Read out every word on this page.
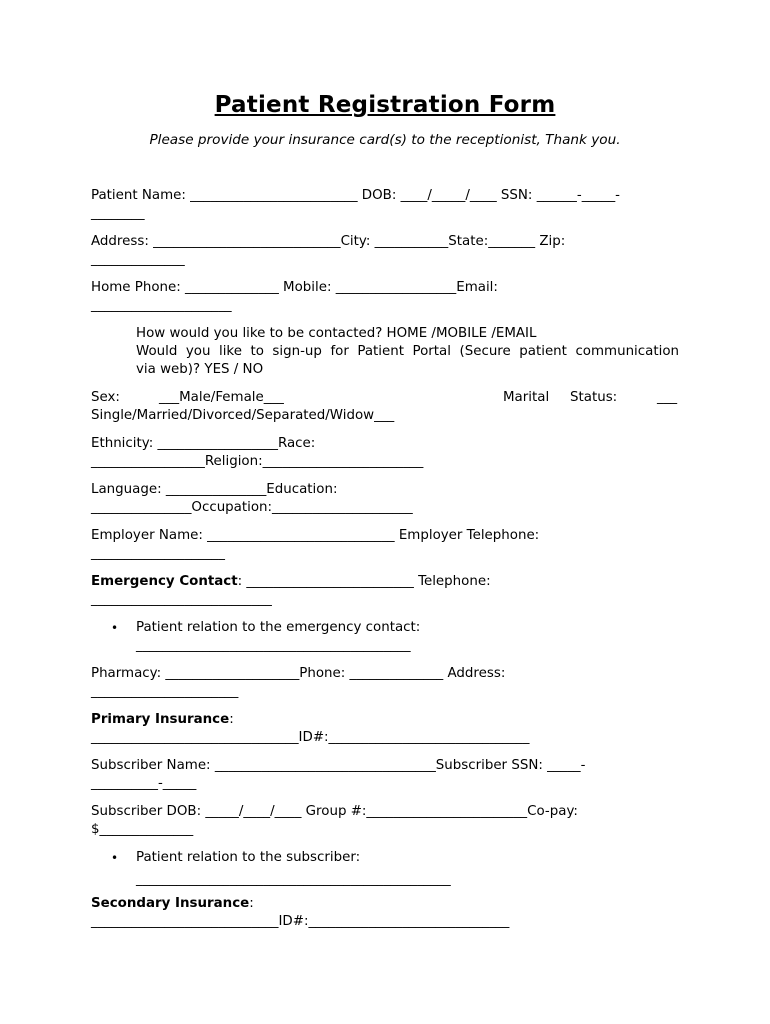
Patient Registration Form
Please provide your insurance card(s) to the receptionist, Thank you.
Patient Name: _________________________ DOB: ____/_____/____ SSN: ______-_____-
________
Address: ____________________________City: ___________State:_______ Zip:
______________
Home Phone: ______________ Mobile: __________________Email:
_____________________
How would you like to be contacted? HOME /MOBILE /EMAIL
Would you like to sign-up for Patient Portal (Secure patient communication
via web)? YES / NO
Sex:	___Male/Female___	Marital Status:	___
Single/Married/Divorced/Separated/Widow___
Ethnicity: __________________Race:
_________________Religion:________________________
Language: _______________Education:
_______________Occupation:_____________________
Employer Name: ____________________________ Employer Telephone:
____________________
Emergency Contact: _________________________ Telephone:
___________________________
• Patient relation to the emergency contact:
_________________________________________
Pharmacy: ____________________Phone: ______________ Address:
______________________
Primary Insurance:
_______________________________ID#:______________________________
Subscriber Name: _________________________________Subscriber SSN: _____-
__________-_____
Subscriber DOB: _____/____/____ Group #:________________________Co-pay:
$______________
• Patient relation to the subscriber:
_______________________________________________
Secondary Insurance:
____________________________ID#:______________________________
